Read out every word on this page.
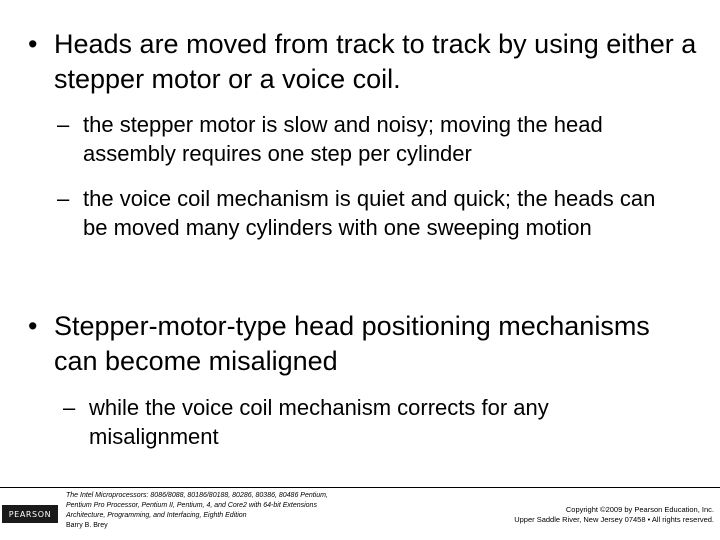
• Heads are moved from track to track by using either a stepper motor or a voice coil.
– the stepper motor is slow and noisy; moving the head assembly requires one step per cylinder
– the voice coil mechanism is quiet and quick; the heads can be moved many cylinders with one sweeping motion
• Stepper-motor-type head positioning mechanisms can become misaligned
– while the voice coil mechanism corrects for any misalignment
PEARSON
The Intel Microprocessors: 8086/8088, 80186/80188, 80286, 80386, 80486 Pentium,
Pentium Pro Processor, Pentium II, Pentium, 4, and Core2 with 64-bit Extensions
Architecture, Programming, and Interfacing, Eighth Edition
Barry B. Brey
Copyright ©2009 by Pearson Education, Inc.
Upper Saddle River, New Jersey 07458 • All rights reserved.
